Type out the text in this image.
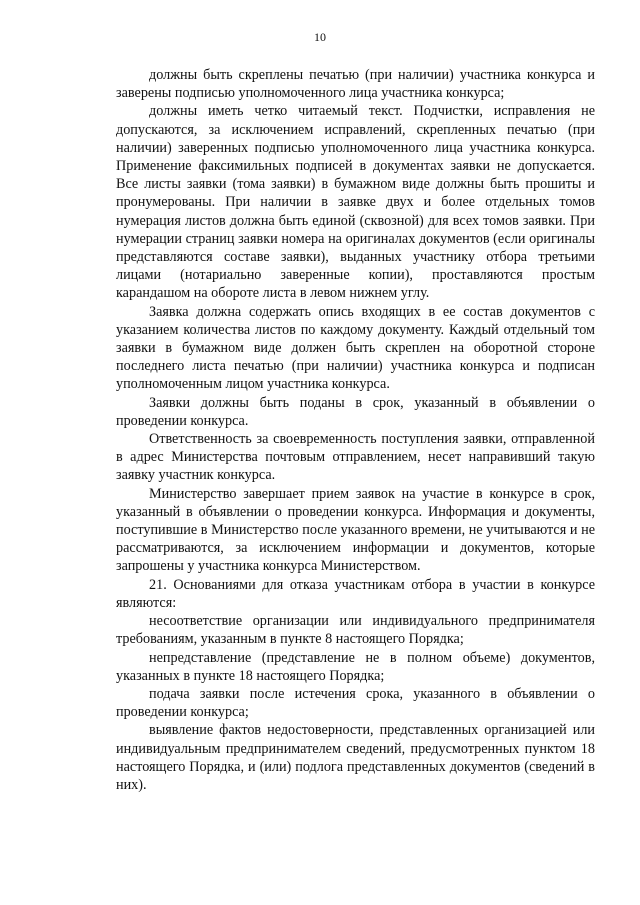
10

должны быть скреплены печатью (при наличии) участника конкурса и заверены подписью уполномоченного лица участника конкурса;

должны иметь четко читаемый текст. Подчистки, исправления не допускаются, за исключением исправлений, скрепленных печатью (при наличии) заверенных подписью уполномоченного лица участника конкурса. Применение факсимильных подписей в документах заявки не допускается. Все листы заявки (тома заявки) в бумажном виде должны быть прошиты и пронумерованы. При наличии в заявке двух и более отдельных томов нумерация листов должна быть единой (сквозной) для всех томов заявки. При нумерации страниц заявки номера на оригиналах документов (если оригиналы представляются составе заявки), выданных участнику отбора третьими лицами (нотариально заверенные копии), проставляются простым карандашом на обороте листа в левом нижнем углу.

Заявка должна содержать опись входящих в ее состав документов с указанием количества листов по каждому документу. Каждый отдельный том заявки в бумажном виде должен быть скреплен на оборотной стороне последнего листа печатью (при наличии) участника конкурса и подписан уполномоченным лицом участника конкурса.

Заявки должны быть поданы в срок, указанный в объявлении о проведении конкурса.

Ответственность за своевременность поступления заявки, отправленной в адрес Министерства почтовым отправлением, несет направивший такую заявку участник конкурса.

Министерство завершает прием заявок на участие в конкурсе в срок, указанный в объявлении о проведении конкурса. Информация и документы, поступившие в Министерство после указанного времени, не учитываются и не рассматриваются, за исключением информации и документов, которые запрошены у участника конкурса Министерством.

21. Основаниями для отказа участникам отбора в участии в конкурсе являются:

несоответствие организации или индивидуального предпринимателя требованиям, указанным в пункте 8 настоящего Порядка;

непредставление (представление не в полном объеме) документов, указанных в пункте 18 настоящего Порядка;

подача заявки после истечения срока, указанного в объявлении о проведении конкурса;

выявление фактов недостоверности, представленных организацией или индивидуальным предпринимателем сведений, предусмотренных пунктом 18 настоящего Порядка, и (или) подлога представленных документов (сведений в них).
